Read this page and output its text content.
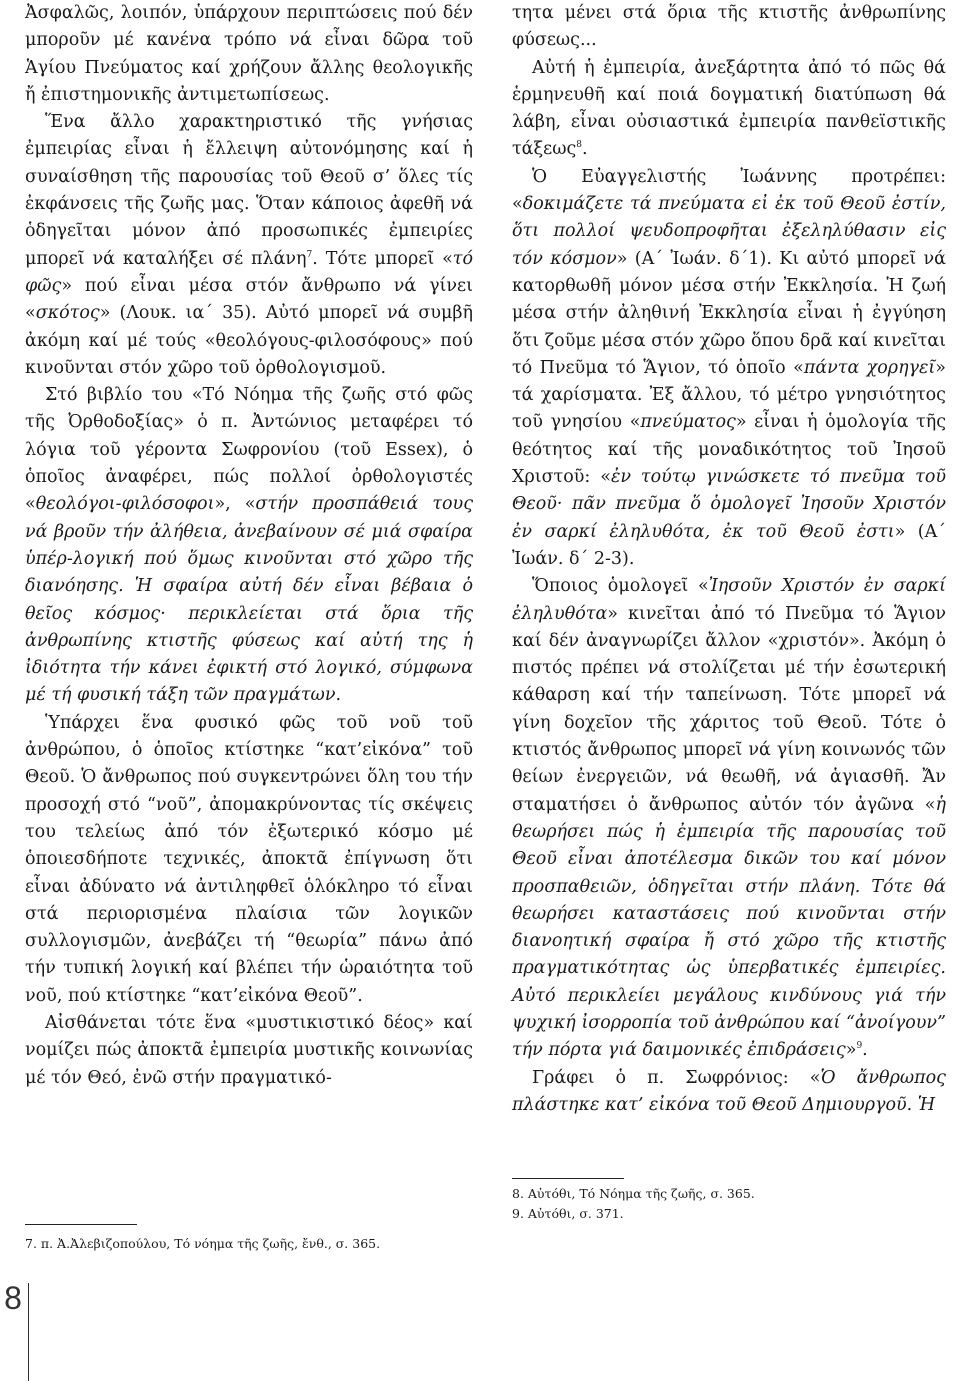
Ἀσφαλῶς, λοιπόν, ὑπάρχουν περιπτώσεις πού δέν μποροῦν μέ κανένα τρόπο νά εἶναι δῶρα τοῦ Ἁγίου Πνεύματος καί χρήζουν ἄλλης θεολογικῆς ἤ ἐπιστημονικῆς ἀντιμετωπίσεως.

Ἕνα ἄλλο χαρακτηριστικό τῆς γνήσιας ἐμπειρίας εἶναι ἡ ἔλλειψη αὐτονόμησης καί ἡ συναίσθηση τῆς παρουσίας τοῦ Θεοῦ σ’ ὅλες τίς ἐκφάνσεις τῆς ζωῆς μας. Ὅταν κάποιος ἀφεθῆ νά ὁδηγεῖται μόνον ἀπό προσωπικές ἐμπειρίες μπορεῖ νά καταλήξει σέ πλάνη$^7$. Τότε μπορεῖ «τό φῶς» πού εἶναι μέσα στόν ἄνθρωπο νά γίνει «σκότος» (Λουκ. ια΄ 35). Αὐτό μπορεῖ νά συμβῆ ἀκόμη καί μέ τούς «θεολόγους-φιλοσόφους» πού κινοῦνται στόν χῶρο τοῦ ὀρθολογισμοῦ.

Στό βιβλίο του «Τό Νόημα τῆς ζωῆς στό φῶς τῆς Ὀρθοδοξίας» ὁ π. Ἀντώνιος μεταφέρει τό λόγια τοῦ γέροντα Σωφρονίου (τοῦ Essex), ὁ ὁποῖος ἀναφέρει, πώς πολλοί ὀρθολογιστές «θεολόγοι-φιλόσοφοι», «στήν προσπάθειά τους νά βροῦν τήν ἀλήθεια, ἀνεβαίνουν σέ μιά σφαίρα ὑπέρ-λογική πού ὅμως κινοῦνται στό χῶρο τῆς διανόησης. Ἡ σφαίρα αὐτή δέν εἶναι βέβαια ὁ θεῖος κόσμος· περικλείεται στά ὅρια τῆς ἀνθρωπίνης κτιστῆς φύσεως καί αὐτή της ἡ ἰδιότητα τήν κάνει ἐφικτή στό λογικό, σύμφωνα μέ τή φυσική τάξη τῶν πραγμάτων.

Ὑπάρχει ἕνα φυσικό φῶς τοῦ νοῦ τοῦ ἀνθρώπου, ὁ ὁποῖος κτίστηκε “κατ’εἰκόνα” τοῦ Θεοῦ. Ὁ ἄνθρωπος πού συγκεντρώνει ὅλη του τήν προσοχή στό “νοῦ”, ἀπομακρύνοντας τίς σκέψεις του τελείως ἀπό τόν ἐξωτερικό κόσμο μέ ὁποιεσδήποτε τεχνικές, ἀποκτᾶ ἐπίγνωση ὅτι εἶναι ἀδύνατο νά ἀντιληφθεῖ ὁλόκληρο τό εἶναι στά περιορισμένα πλαίσια τῶν λογικῶν συλλογισμῶν, ἀνεβάζει τή “θεωρία” πάνω ἀπό τήν τυπική λογική καί βλέπει τήν ὡραιότητα τοῦ νοῦ, πού κτίστηκε “κατ’εἰκόνα Θεοῦ”.

Αἰσθάνεται τότε ἕνα «μυστικιστικό δέος» καί νομίζει πώς ἀποκτᾶ ἐμπειρία μυστικῆς κοινωνίας μέ τόν Θεό, ἐνῶ στήν πραγματικό-

τητα μένει στά ὅρια τῆς κτιστῆς ἀνθρωπίνης φύσεως...

Αὐτή ἡ ἐμπειρία, ἀνεξάρτητα ἀπό τό πῶς θά ἑρμηνευθῆ καί ποιά δογματική διατύπωση θά λάβη, εἶναι οὐσιαστικά ἐμπειρία πανθεϊστικῆς τάξεως$^8$.

Ὁ Εὐαγγελιστής Ἰωάννης προτρέπει: «δοκιμάζετε τά πνεύματα εἰ ἐκ τοῦ Θεοῦ ἐστίν, ὅτι πολλοί ψευδοπροφῆται ἐξεληλύθασιν εἰς τόν κόσμον» (Α΄ Ἰωάν. δ΄1). Κι αὐτό μπορεῖ νά κατορθωθῆ μόνον μέσα στήν Ἐκκλησία. Ἡ ζωή μέσα στήν ἀληθινή Ἐκκλησία εἶναι ἡ ἐγγύηση ὅτι ζοῦμε μέσα στόν χῶρο ὅπου δρᾶ καί κινεῖται τό Πνεῦμα τό Ἅγιον, τό ὁποῖο «πάντα χορηγεῖ» τά χαρίσματα. Ἐξ ἄλλου, τό μέτρο γνησιότητος τοῦ γνησίου «πνεύματος» εἶναι ἡ ὁμολογία τῆς θεότητος καί τῆς μοναδικότητος τοῦ Ἰησοῦ Χριστοῦ: «ἐν τούτῳ γινώσκετε τό πνεῦμα τοῦ Θεοῦ· πᾶν πνεῦμα ὅ ὁμολογεῖ Ἰησοῦν Χριστόν ἐν σαρκί ἐληλυθότα, ἐκ τοῦ Θεοῦ ἐστι» (Α΄ Ἰωάν. δ΄ 2-3).

Ὅποιος ὁμολογεῖ «Ἰησοῦν Χριστόν ἐν σαρκί ἐληλυθότα» κινεῖται ἀπό τό Πνεῦμα τό Ἅγιον καί δέν ἀναγνωρίζει ἄλλον «χριστόν». Ἀκόμη ὁ πιστός πρέπει νά στολίζεται μέ τήν ἐσωτερική κάθαρση καί τήν ταπείνωση. Τότε μπορεῖ νά γίνη δοχεῖον τῆς χάριτος τοῦ Θεοῦ. Τότε ὁ κτιστός ἄνθρωπος μπορεῖ νά γίνη κοινωνός τῶν θείων ἐνεργειῶν, νά θεωθῆ, νά ἁγιασθῆ. Ἄν σταματήσει ὁ ἄνθρωπος αὐτόν τόν ἀγῶνα «ἡ θεωρήσει πώς ἡ ἐμπειρία τῆς παρουσίας τοῦ Θεοῦ εἶναι ἀποτέλεσμα δικῶν του καί μόνον προσπαθειῶν, ὁδηγεῖται στήν πλάνη. Τότε θά θεωρήσει καταστάσεις πού κινοῦνται στήν διανοητική σφαίρα ἤ στό χῶρο τῆς κτιστῆς πραγματικότητας ὡς ὑπερβατικές ἐμπειρίες. Αὐτό περικλείει μεγάλους κινδύνους γιά τήν ψυχική ἰσορροπία τοῦ ἀνθρώπου καί “ἀνοίγουν” τήν πόρτα γιά δαιμονικές ἐπιδράσεις»$^9$.

Γράφει ὁ π. Σωφρόνιος: «Ὁ ἄνθρωπος πλάστηκε κατ’ εἰκόνα τοῦ Θεοῦ Δημιουργοῦ. Ἡ

7. π. Ἀ.Ἀλεβιζοπούλου, Τό νόημα τῆς ζωῆς, ἔνθ., σ. 365.
8. Αὐτόθι, Τό Νόημα τῆς ζωῆς, σ. 365.
9. Αὐτόθι, σ. 371.
8
